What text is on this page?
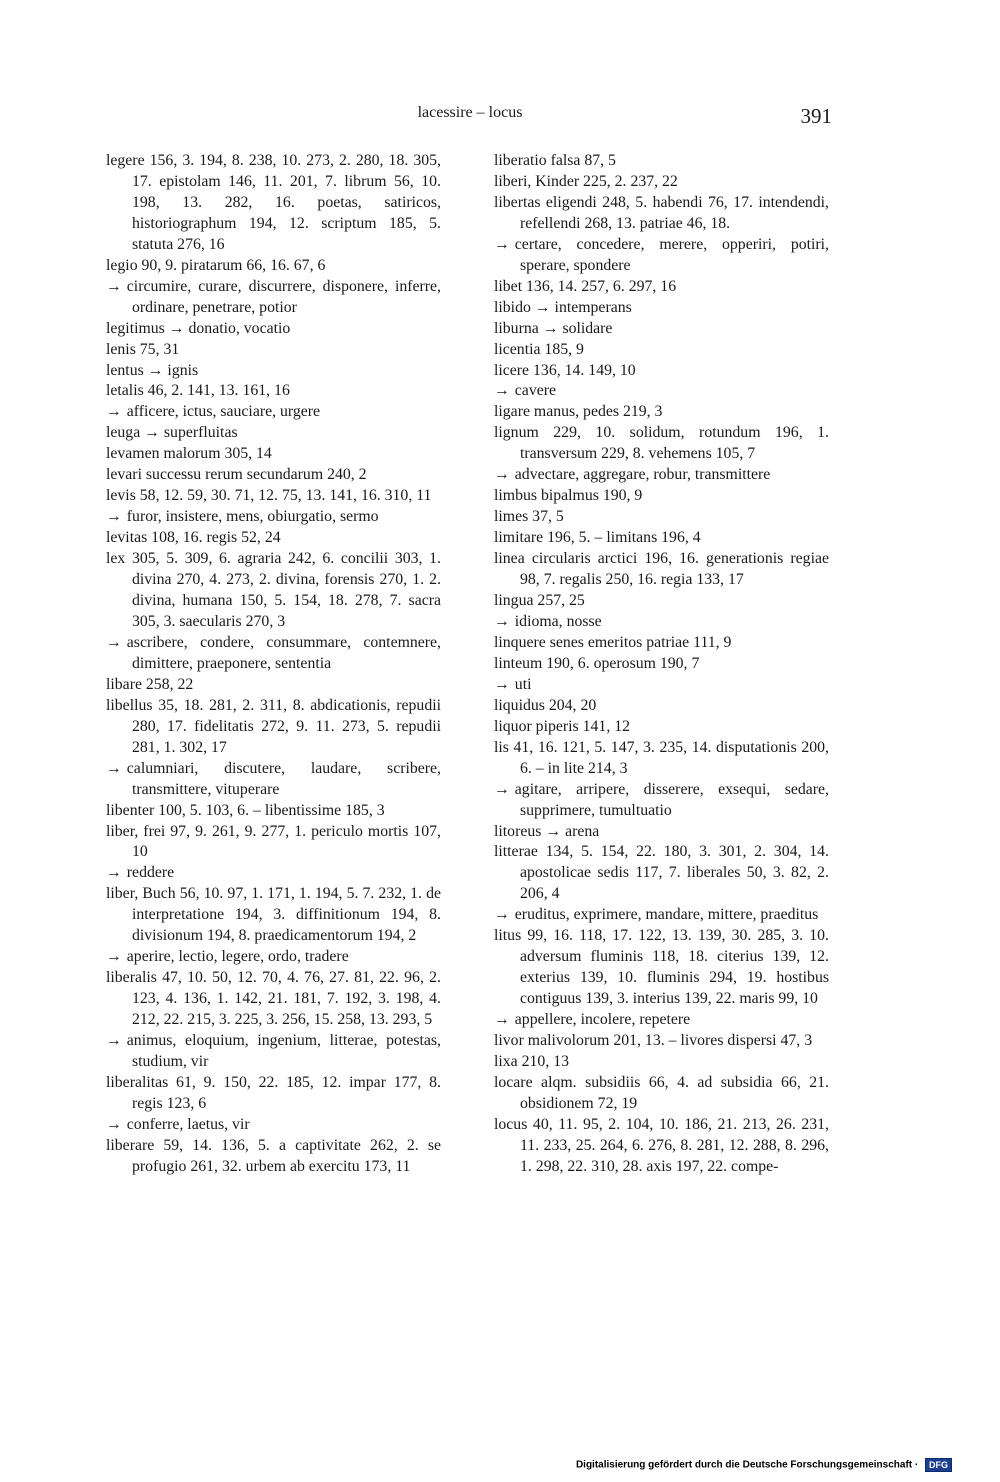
lacessire – locus	391

legere 156, 3. 194, 8. 238, 10. 273, 2. 280, 18. 305, 17. epistolam 146, 11. 201, 7. librum 56, 10. 198, 13. 282, 16. poetas, satiricos, historiographum 194, 12. scriptum 185, 5. statuta 276, 16

legio 90, 9. piratarum 66, 16. 67, 6

→ circumire, curare, discurrere, disponere, inferre, ordinare, penetrare, potior

legitimus → donatio, vocatio

lenis 75, 31

lentus → ignis

letalis 46, 2. 141, 13. 161, 16

→ afficere, ictus, sauciare, urgere

leuga → superfluitas

levamen malorum 305, 14

levari successu rerum secundarum 240, 2

levis 58, 12. 59, 30. 71, 12. 75, 13. 141, 16. 310, 11

→ furor, insistere, mens, obiurgatio, sermo

levitas 108, 16. regis 52, 24

lex 305, 5. 309, 6. agraria 242, 6. concilii 303, 1. divina 270, 4. 273, 2. divina, forensis 270, 1. 2. divina, humana 150, 5. 154, 18. 278, 7. sacra 305, 3. saecularis 270, 3

→ ascribere, condere, consummare, contemnere, dimittere, praeponere, sententia

libare 258, 22

libellus 35, 18. 281, 2. 311, 8. abdicationis, repudii 280, 17. fidelitatis 272, 9. 11. 273, 5. repudii 281, 1. 302, 17

→ calumniari, discutere, laudare, scribere, transmittere, vituperare

libenter 100, 5. 103, 6. – libentissime 185, 3

liber, frei 97, 9. 261, 9. 277, 1. periculo mortis 107, 10

→ reddere

liber, Buch 56, 10. 97, 1. 171, 1. 194, 5. 7. 232, 1. de interpretatione 194, 3. diffinitionum 194, 8. divisionum 194, 8. praedicamentorum 194, 2

→ aperire, lectio, legere, ordo, tradere

liberalis 47, 10. 50, 12. 70, 4. 76, 27. 81, 22. 96, 2. 123, 4. 136, 1. 142, 21. 181, 7. 192, 3. 198, 4. 212, 22. 215, 3. 225, 3. 256, 15. 258, 13. 293, 5

→ animus, eloquium, ingenium, litterae, potestas, studium, vir

liberalitas 61, 9. 150, 22. 185, 12. impar 177, 8. regis 123, 6

→ conferre, laetus, vir

liberare 59, 14. 136, 5. a captivitate 262, 2. se profugio 261, 32. urbem ab exercitu 173, 11

liberatio falsa 87, 5

liberi, Kinder 225, 2. 237, 22

libertas eligendi 248, 5. habendi 76, 17. intendendi, refellendi 268, 13. patriae 46, 18.

→ certare, concedere, merere, opperiri, potiri, sperare, spondere

libet 136, 14. 257, 6. 297, 16

libido → intemperans

liburna → solidare

licentia 185, 9

licere 136, 14. 149, 10

→ cavere

ligare manus, pedes 219, 3

lignum 229, 10. solidum, rotundum 196, 1. transversum 229, 8. vehemens 105, 7

→ advectare, aggregare, robur, transmittere

limbus bipalmus 190, 9

limes 37, 5

limitare 196, 5. – limitans 196, 4

linea circularis arctici 196, 16. generationis regiae 98, 7. regalis 250, 16. regia 133, 17

lingua 257, 25

→ idioma, nosse

linquere senes emeritos patriae 111, 9

linteum 190, 6. operosum 190, 7

→ uti

liquidus 204, 20

liquor piperis 141, 12

lis 41, 16. 121, 5. 147, 3. 235, 14. disputationis 200, 6. – in lite 214, 3

→ agitare, arripere, disserere, exsequi, sedare, supprimere, tumultuatio

litoreus → arena

litterae 134, 5. 154, 22. 180, 3. 301, 2. 304, 14. apostolicae sedis 117, 7. liberales 50, 3. 82, 2. 206, 4

→ eruditus, exprimere, mandare, mittere, praeditus

litus 99, 16. 118, 17. 122, 13. 139, 30. 285, 3. 10. adversum fluminis 118, 18. citerius 139, 12. exterius 139, 10. fluminis 294, 19. hostibus contiguus 139, 3. interius 139, 22. maris 99, 10

→ appellere, incolere, repetere

livor malivolorum 201, 13. – livores dispersi 47, 3

lixa 210, 13

locare alqm. subsidiis 66, 4. ad subsidia 66, 21. obsidionem 72, 19

locus 40, 11. 95, 2. 104, 10. 186, 21. 213, 26. 231, 11. 233, 25. 264, 6. 276, 8. 281, 12. 288, 8. 296, 1. 298, 22. 310, 28. axis 197, 22. compe-

Digitalisierung gefördert durch die Deutsche Forschungsgemeinschaft · DFG
